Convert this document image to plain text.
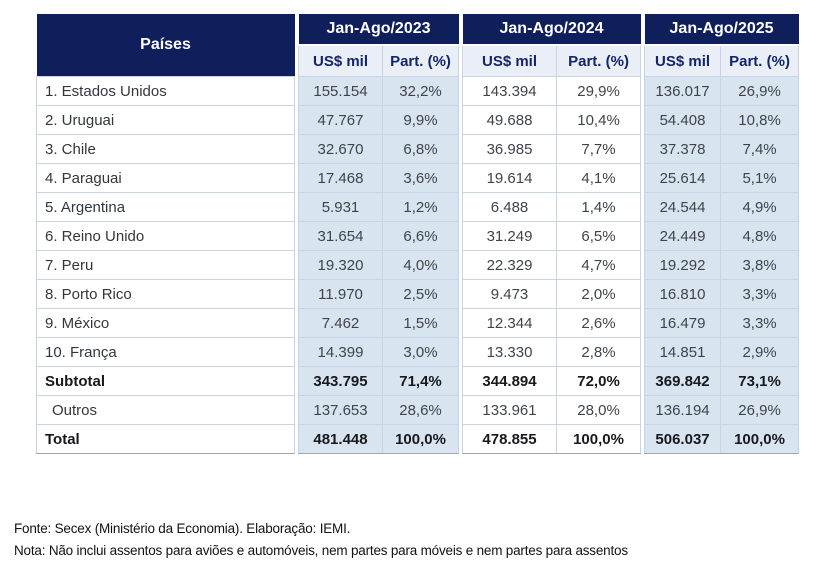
Países		Jan-Ago/2023			Jan-Ago/2024			Jan-Ago/2025	
		US$ mil	Part. (%)		US$ mil	Part. (%)		US$ mil	Part. (%)
1. Estados Unidos		155.154	32,2%		143.394	29,9%		136.017	26,9%
2. Uruguai		47.767	9,9%		49.688	10,4%		54.408	10,8%
3. Chile		32.670	6,8%		36.985	7,7%		37.378	7,4%
4. Paraguai		17.468	3,6%		19.614	4,1%		25.614	5,1%
5. Argentina		5.931	1,2%		6.488	1,4%		24.544	4,9%
6. Reino Unido		31.654	6,6%		31.249	6,5%		24.449	4,8%
7. Peru		19.320	4,0%		22.329	4,7%		19.292	3,8%
8. Porto Rico		11.970	2,5%		9.473	2,0%		16.810	3,3%
9. México		7.462	1,5%		12.344	2,6%		16.479	3,3%
10. França		14.399	3,0%		13.330	2,8%		14.851	2,9%
Subtotal		343.795	71,4%		344.894	72,0%		369.842	73,1%
Outros		137.653	28,6%		133.961	28,0%		136.194	26,9%
Total		481.448	100,0%		478.855	100,0%		506.037	100,0%
Fonte: Secex (Ministério da Economia). Elaboração: IEMI.
Nota: Não inclui assentos para aviões e automóveis, nem partes para móveis e nem partes para assentos
